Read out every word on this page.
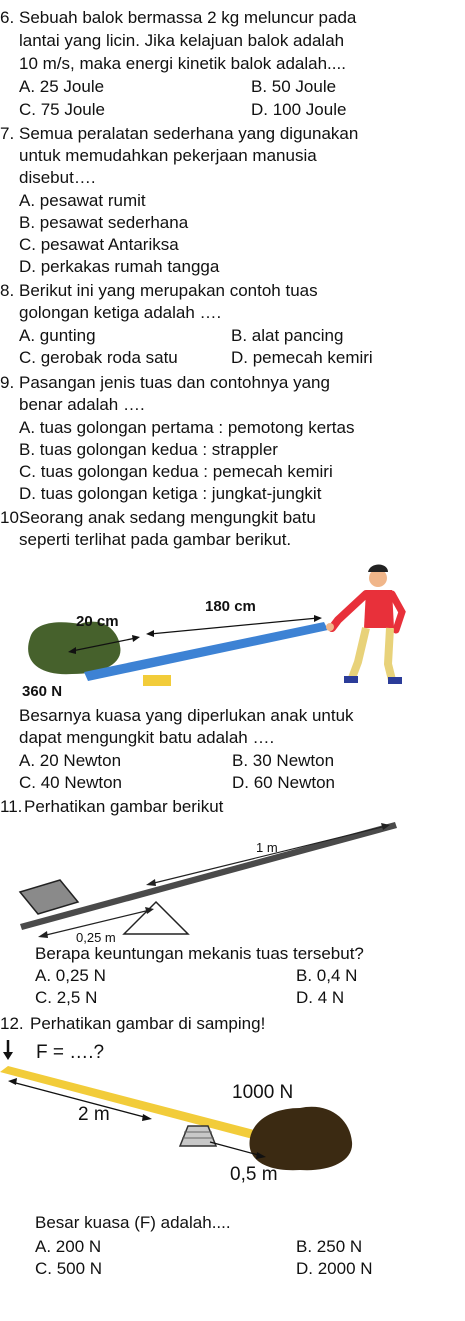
6. Sebuah balok bermassa 2 kg meluncur pada
lantai yang licin. Jika kelajuan balok adalah
10 m/s, maka energi kinetik balok adalah....
A. 25 Joule	B. 50 Joule
C. 75 Joule	D. 100 Joule
7. Semua peralatan sederhana yang digunakan
untuk memudahkan pekerjaan manusia
disebut….
A. pesawat rumit
B. pesawat sederhana
C. pesawat Antariksa
D. perkakas rumah tangga
8. Berikut ini yang merupakan contoh tuas
golongan ketiga adalah ….
A. gunting	B. alat pancing
C. gerobak roda satu	D. pemecah kemiri
9. Pasangan jenis tuas dan contohnya yang
benar adalah ….
A. tuas golongan pertama : pemotong kertas
B. tuas golongan kedua : strappler
C. tuas golongan kedua : pemecah kemiri
D. tuas golongan ketiga : jungkat-jungkit
10.
Seorang anak sedang mengungkit batu
seperti terlihat pada gambar berikut.
20 cm
180 cm
360 N
Besarnya kuasa yang diperlukan anak untuk
dapat mengungkit batu adalah ….
A. 20 Newton	B. 30 Newton
C. 40 Newton	D. 60 Newton
11. Perhatikan gambar berikut
1 m
0,25 m
Berapa keuntungan mekanis tuas tersebut?
A. 0,25 N	B. 0,4 N
C. 2,5 N	D. 4 N
12. Perhatikan gambar di samping!
F = ….?
1000 N
2 m
0,5 m
Besar kuasa (F) adalah....
A. 200 N	B. 250 N
C. 500 N	D. 2000 N
